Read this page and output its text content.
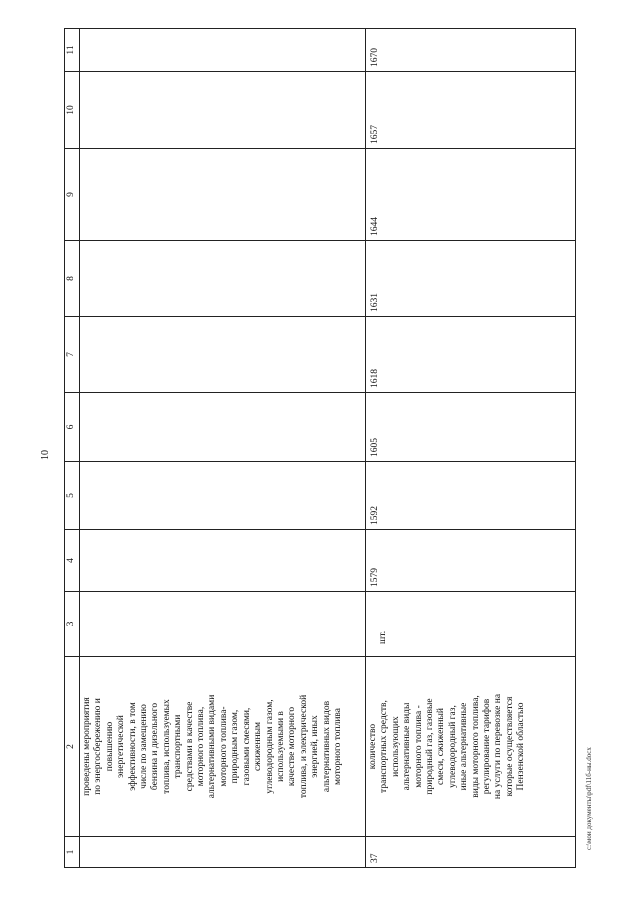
10
1
2
3
4
5
6
7
8
9
10
11
проведены мероприятия
по энергосбережению и
повышению
энергетической
эффективности, в том
числе по замещению
бензина и дизельного
топлива, используемых
транспортными
средствами в качестве
моторного топлива,
альтернативными видами
моторного топлива-
природным газом,
газовыми смесями,
сжиженным
углеводородным газом,
используемыми в
качестве моторного
топлива, и электрической
энергией, иных
альтернативных видов
моторного топлива
37
количество
транспортных средств,
использующих
альтернативные виды
моторного топлива -
природный газ, газовые
смеси, сжиженный
углеводородный газ,
иные альтернативные
виды моторного топлива,
регулирование тарифов
на услуги по перевозке на
которые осуществляется
Пензенской областью
шт.
1579
1592
1605
1618
1631
1644
1657
1670
c:\мои документы\pdf\11б-ны.docx
